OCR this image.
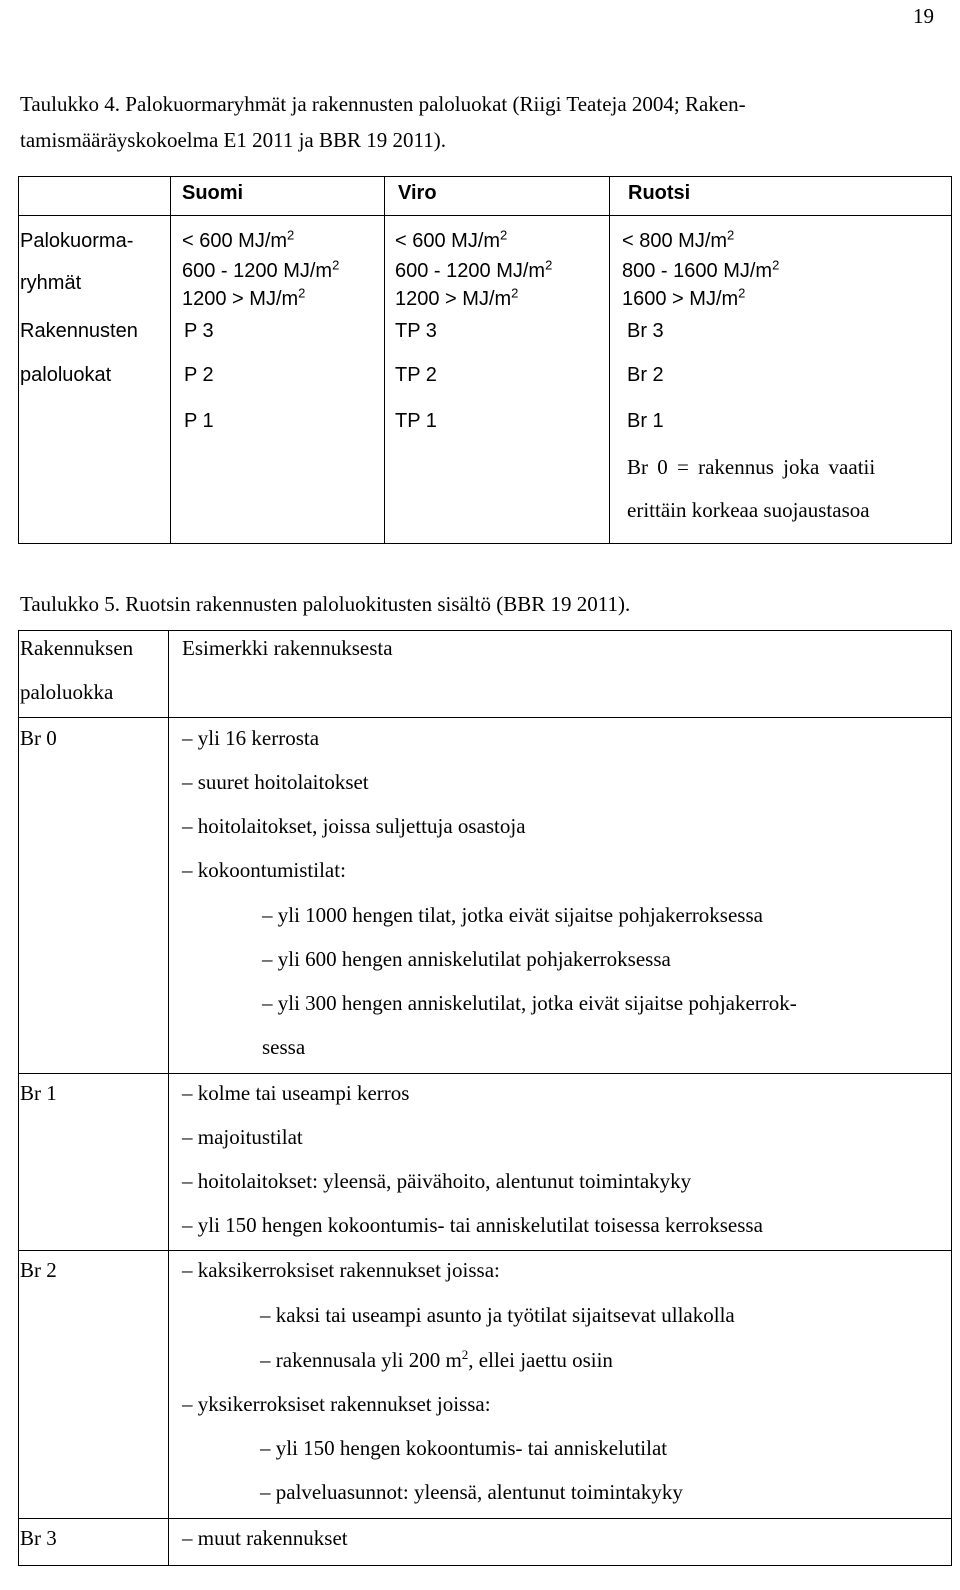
19
Taulukko 4. Palokuormaryhmät ja rakennusten paloluokat (Riigi Teateja 2004; Raken-
tamismääräyskokoelma E1 2011 ja BBR 19 2011).
Suomi	Viro	Ruotsi
Palokuorma-
ryhmät
Rakennusten
paloluokat
< 600 $MJ/m^2$
600 - 1200 $MJ/m^2$
$1200 > MJ/m^2$
< 600 $MJ/m^2$
600 - 1200 $MJ/m^2$
$1200 > MJ/m^2$
< 800 $MJ/m^2$
800 - 1600 $MJ/m^2$
$1600 > MJ/m^2$
P 3
P 2
P 1
TP 3
TP 2
TP 1
Br 3
Br 2
Br 1
Br 0 = rakennus joka vaatii
erittäin korkeaa suojaustasoa
Taulukko 5. Ruotsin rakennusten paloluokitusten sisältö (BBR 19 2011).
Rakennuksen
paloluokka
Esimerkki rakennuksesta
Br 0
Br 1
Br 2
Br 3
– yli 16 kerrosta
– suuret hoitolaitokset
– hoitolaitokset, joissa suljettuja osastoja
– kokoontumistilat:
– yli 1000 hengen tilat, jotka eivät sijaitse pohjakerroksessa
– yli 600 hengen anniskelutilat pohjakerroksessa
– yli 300 hengen anniskelutilat, jotka eivät sijaitse pohjakerrok-
sessa
– kolme tai useampi kerros
– majoitustilat
– hoitolaitokset: yleensä, päivähoito, alentunut toimintakyky
– yli 150 hengen kokoontumis- tai anniskelutilat toisessa kerroksessa
– kaksikerroksiset rakennukset joissa:
– kaksi tai useampi asunto ja työtilat sijaitsevat ullakolla
– rakennusala yli 200 $m^2$, ellei jaettu osiin
– yksikerroksiset rakennukset joissa:
– yli 150 hengen kokoontumis- tai anniskelutilat
– palveluasunnot: yleensä, alentunut toimintakyky
– muut rakennukset
